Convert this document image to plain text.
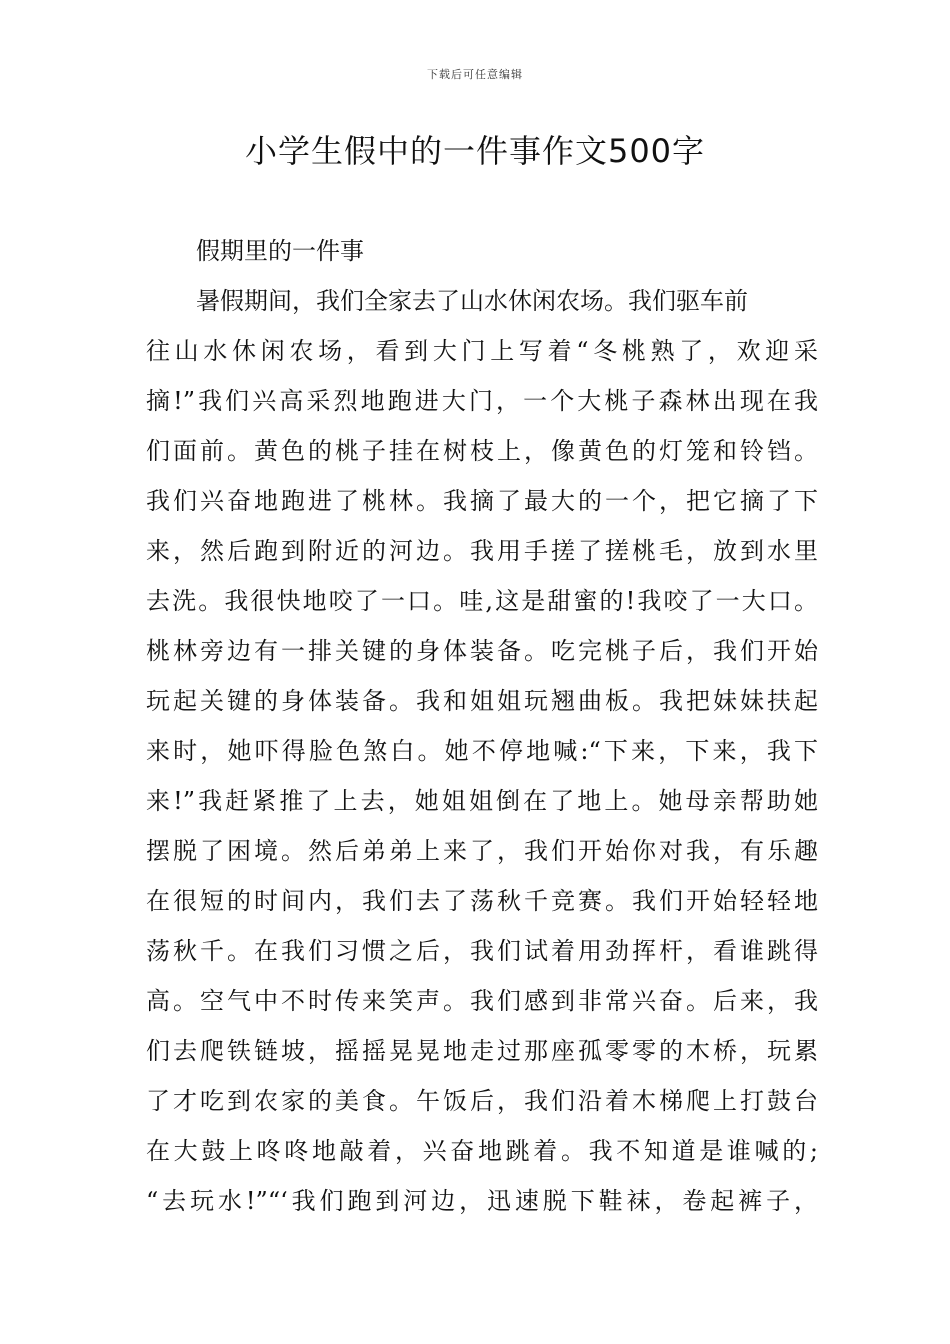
下载后可任意编辑
小学生假中的一件事作文500字
假期里的一件事
暑假期间，我们全家去了山水休闲农场。我们驱车前
往山水休闲农场，看到大门上写着“冬桃熟了，欢迎采
摘!”我们兴高采烈地跑进大门，一个大桃子森林出现在我
们面前。黄色的桃子挂在树枝上，像黄色的灯笼和铃铛。
我们兴奋地跑进了桃林。我摘了最大的一个，把它摘了下
来，然后跑到附近的河边。我用手搓了搓桃毛，放到水里
去洗。我很快地咬了一口。哇,这是甜蜜的!我咬了一大口。
桃林旁边有一排关键的身体装备。吃完桃子后，我们开始
玩起关键的身体装备。我和姐姐玩翘曲板。我把妹妹扶起
来时，她吓得脸色煞白。她不停地喊:“下来，下来，我下
来!”我赶紧推了上去，她姐姐倒在了地上。她母亲帮助她
摆脱了困境。然后弟弟上来了，我们开始你对我，有乐趣
在很短的时间内，我们去了荡秋千竞赛。我们开始轻轻地
荡秋千。在我们习惯之后，我们试着用劲挥杆，看谁跳得
高。空气中不时传来笑声。我们感到非常兴奋。后来，我
们去爬铁链坡，摇摇晃晃地走过那座孤零零的木桥，玩累
了才吃到农家的美食。午饭后，我们沿着木梯爬上打鼓台
在大鼓上咚咚地敲着，兴奋地跳着。我不知道是谁喊的;
“去玩水!”“‘我们跑到河边，迅速脱下鞋袜，卷起裤子，
